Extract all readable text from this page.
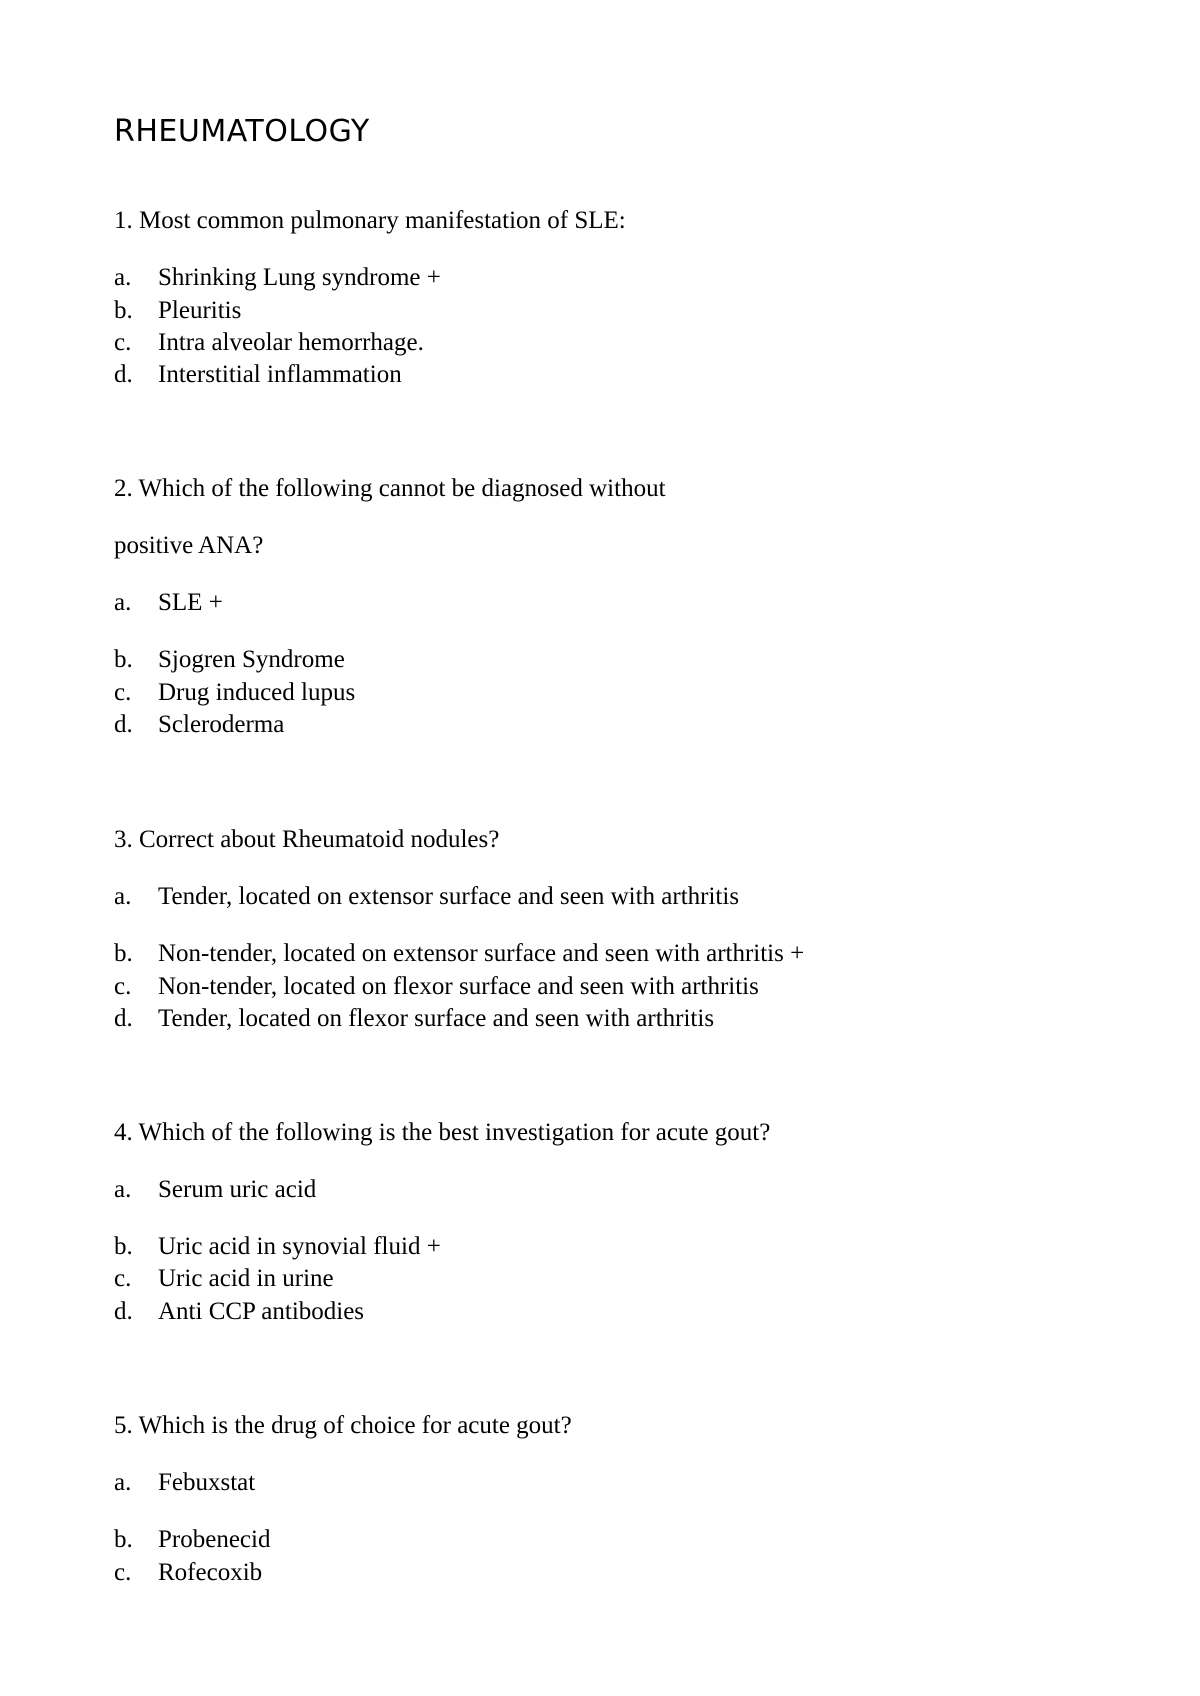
RHEUMATOLOGY
1. Most common pulmonary manifestation of SLE:
a. Shrinking Lung syndrome +
b. Pleuritis
c. Intra alveolar hemorrhage.
d. Interstitial inflammation
2. Which of the following cannot be diagnosed without
positive ANA?
a. SLE +
b. Sjogren Syndrome
c. Drug induced lupus
d. Scleroderma
3. Correct about Rheumatoid nodules?
a. Tender, located on extensor surface and seen with arthritis
b. Non-tender, located on extensor surface and seen with arthritis +
c. Non-tender, located on flexor surface and seen with arthritis
d. Tender, located on flexor surface and seen with arthritis
4. Which of the following is the best investigation for acute gout?
a. Serum uric acid
b. Uric acid in synovial fluid +
c. Uric acid in urine
d. Anti CCP antibodies
5. Which is the drug of choice for acute gout?
a. Febuxstat
b. Probenecid
c. Rofecoxib
